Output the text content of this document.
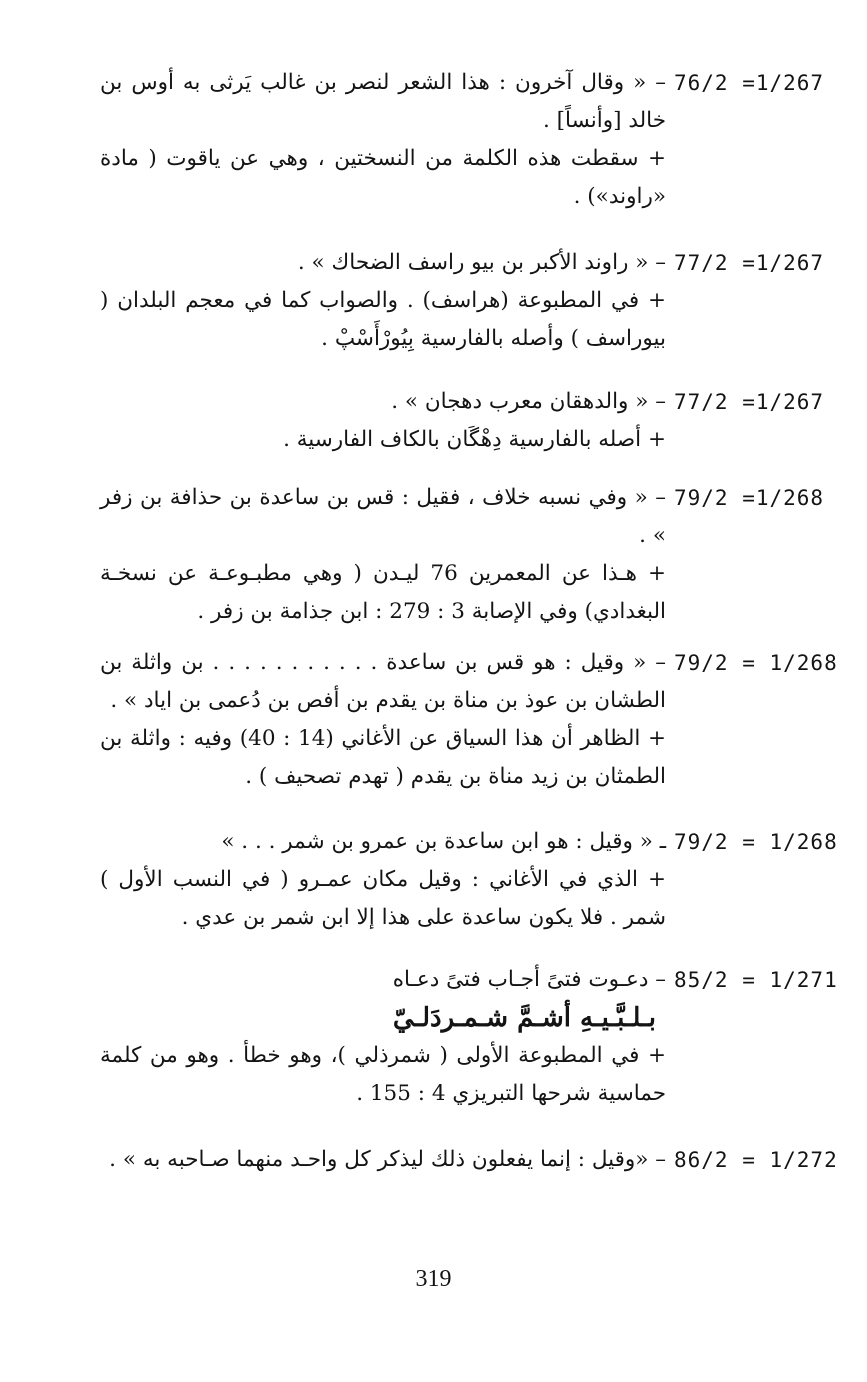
76/2 =1/267
– « وقال آخرون : هذا الشعر لنصر بن غالب يَرثى به أوس بن خالد [وأنساً] .
+ سقطت هذه الكلمة من النسختين ، وهي عن ياقوت ( مادة «راوند») .
77/2 =1/267
– « راوند الأكبر بن بيو راسف الضحاك » .
+ في المطبوعة (هراسف) . والصواب كما في معجم البلدان ( بيوراسف ) وأصله بالفارسية بِيُورْأَسْپْ .
77/2 =1/267
– « والدهقان معرب دهجان » .
+ أصله بالفارسية دِهْگَان بالكاف الفارسية .
79/2 =1/268
– « وفي نسبه خلاف ، فقيل : قس بن ساعدة بن حذافة بن زفر » .
+ هـذا عن المعمرين 76 ليـدن ( وهي مطبـوعـة عن نسخـة البغدادي) وفي الإصابة 3 : 279 : ابن جذامة بن زفر .
79/2 = 1/268
– « وقيل : هو قس بن ساعدة . . . . . . . . . . . بن واثلة بن الطشان بن عوذ بن مناة بن يقدم بن أفص بن دُعمى بن اياد » .
+ الظاهر أن هذا السياق عن الأغاني (14 : 40) وفيه : واثلة بن الطمثان بن زيد مناة بن يقدم ( تهدم تصحيف ) .
79/2 = 1/268
ـ « وقيل : هو ابن ساعدة بن عمرو بن شمر . . . »
+ الذي في الأغاني : وقيل مكان عمـرو ( في النسب الأول ) شمر . فلا يكون ساعدة على هذا إلا ابن شمر بن عدي .
85/2 = 1/271
– دعـوت فتىً أجـاب فتىً دعـاه
بـلـبَّـيـهِ أشـمَّ شـمـردَلـيّ
+ في المطبوعة الأولى ( شمرذلي )، وهو خطأ . وهو من كلمة حماسية شرحها التبريزي 4 : 155 .
86/2 = 1/272
– «وقيل : إنما يفعلون ذلك ليذكر كل واحـد منهما صـاحبه به » .
319
